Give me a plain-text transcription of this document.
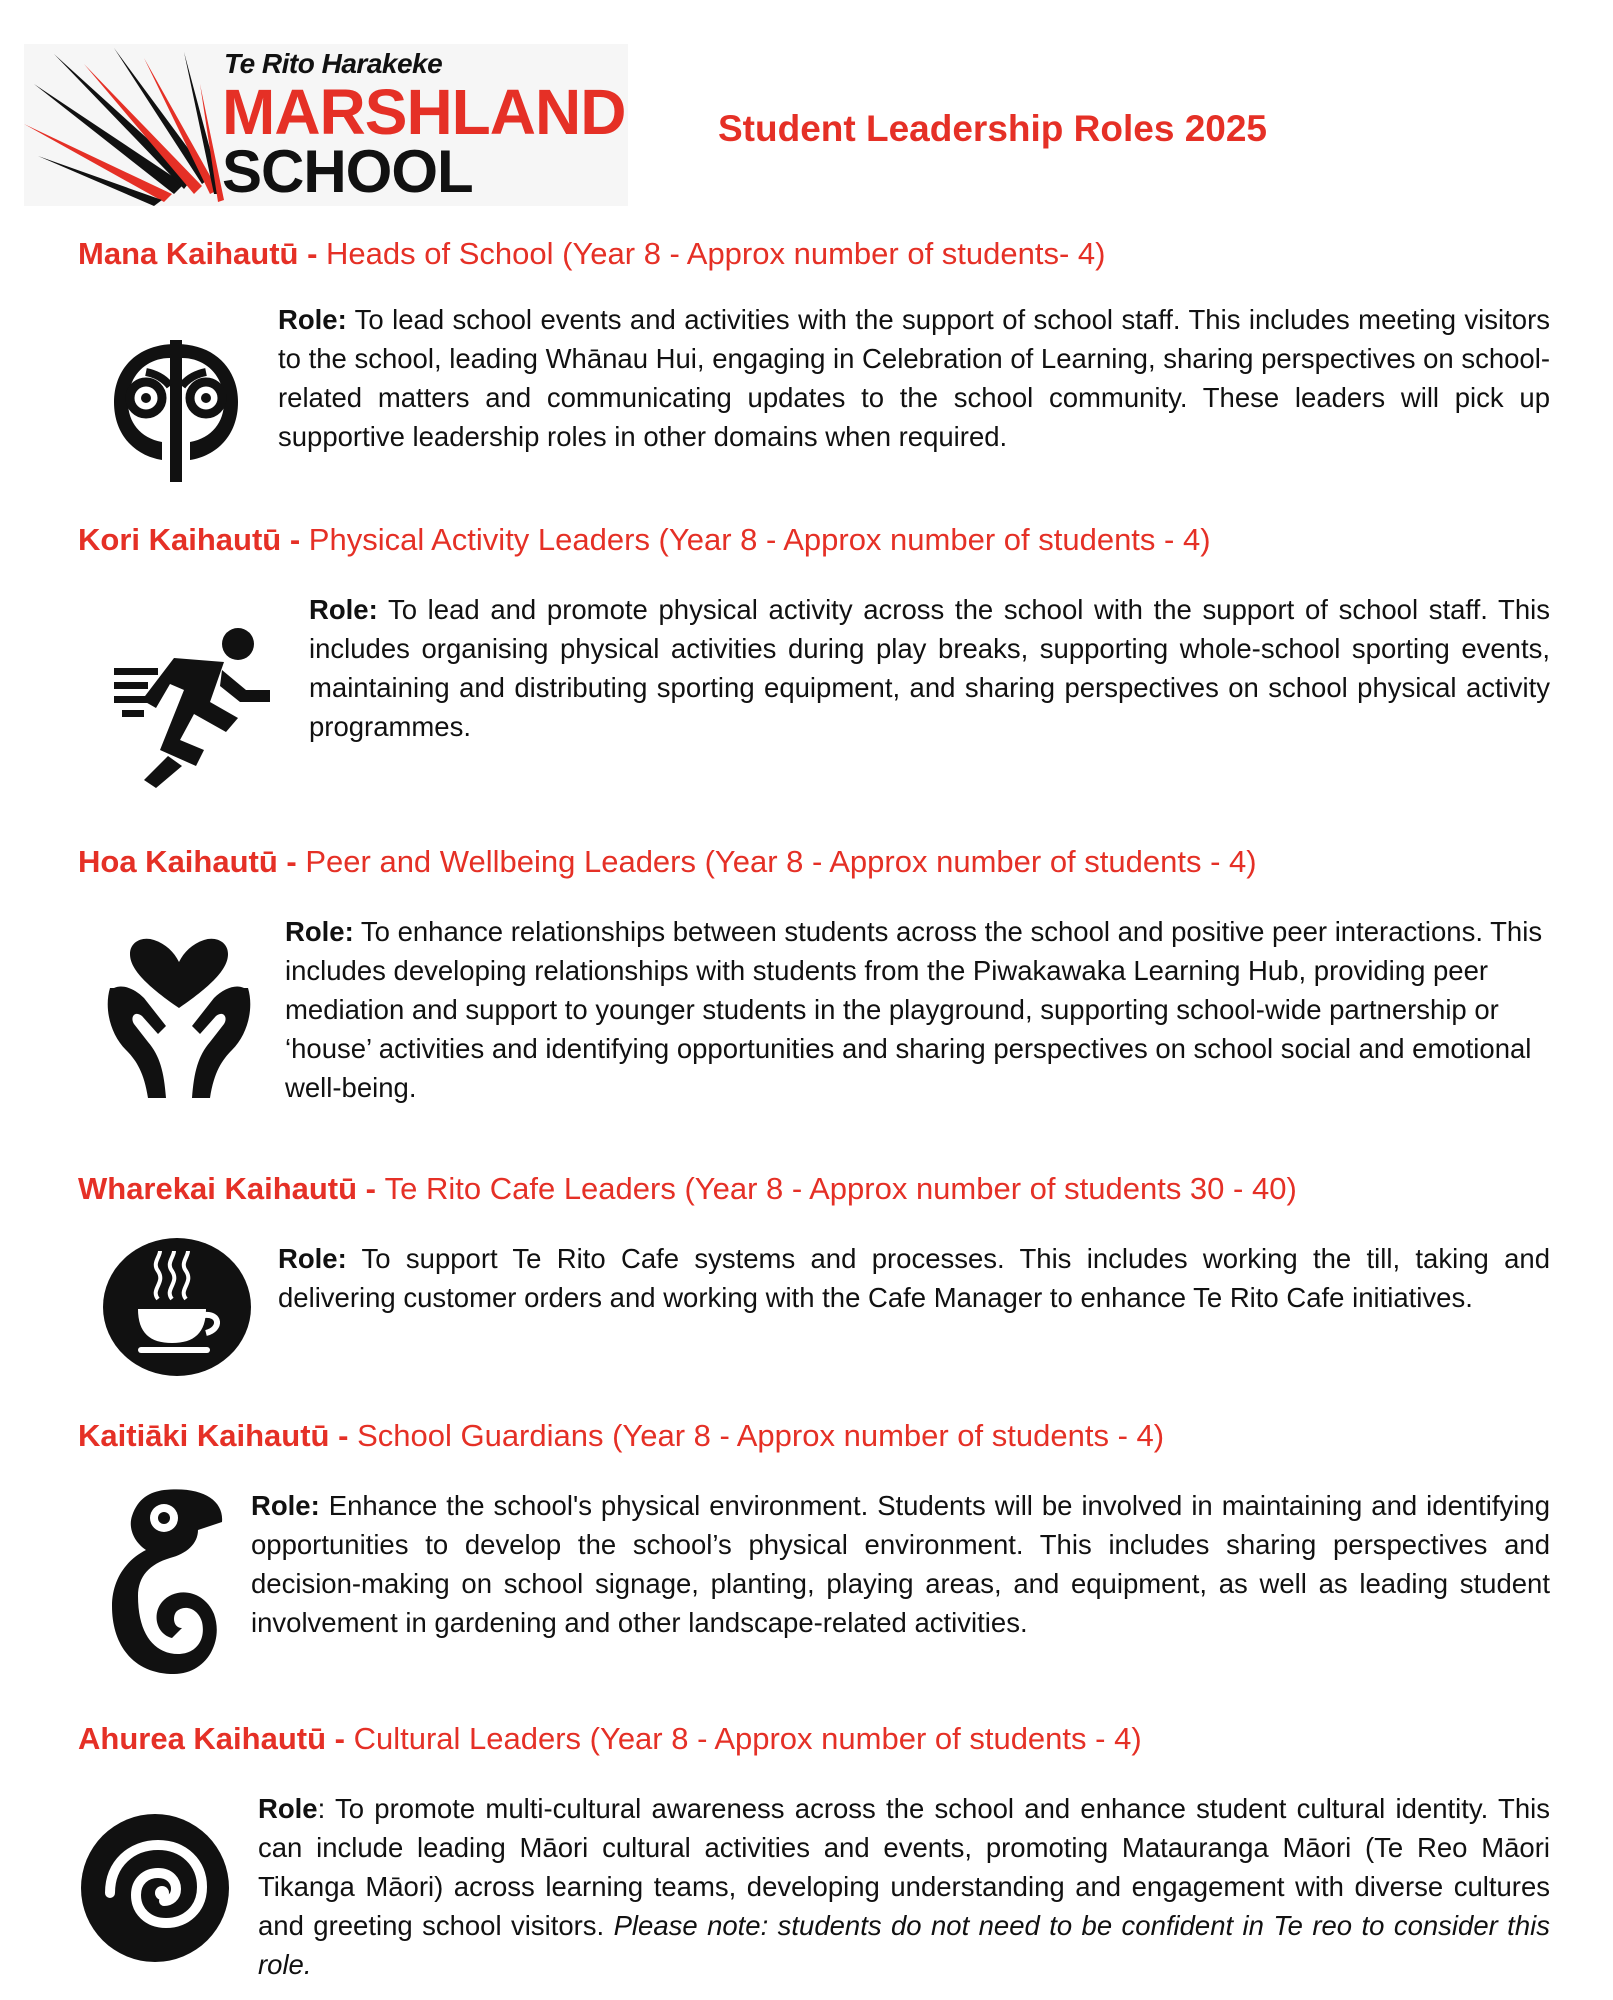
Te Rito Harakeke
MARSHLAND
SCHOOL
Student Leadership Roles 2025
Mana Kaihautū - Heads of School (Year 8 - Approx number of students- 4)
Role: To lead school events and activities with the support of school staff. This includes meeting visitors to the school, leading Whānau Hui, engaging in Celebration of Learning, sharing perspectives on school-related matters and communicating updates to the school community. These leaders will pick up supportive leadership roles in other domains when required.
Kori Kaihautū - Physical Activity Leaders (Year 8 - Approx number of students - 4)
Role: To lead and promote physical activity across the school with the support of school staff. This includes organising physical activities during play breaks, supporting whole-school sporting events, maintaining and distributing sporting equipment, and sharing perspectives on school physical activity programmes.
Hoa Kaihautū - Peer and Wellbeing Leaders (Year 8 - Approx number of students - 4)
Role: To enhance relationships between students across the school and positive peer interactions. This includes developing relationships with students from the Piwakawaka Learning Hub, providing peer mediation and support to younger students in the playground, supporting school-wide partnership or ‘house’ activities and identifying opportunities and sharing perspectives on school social and emotional well-being.
Wharekai Kaihautū - Te Rito Cafe Leaders (Year 8 - Approx number of students 30 - 40)
Role: To support Te Rito Cafe systems and processes. This includes working the till, taking and delivering customer orders and working with the Cafe Manager to enhance Te Rito Cafe initiatives.
Kaitiāki Kaihautū - School Guardians (Year 8 - Approx number of students - 4)
Role: Enhance the school's physical environment. Students will be involved in maintaining and identifying opportunities to develop the school’s physical environment. This includes sharing perspectives and decision-making on school signage, planting, playing areas, and equipment, as well as leading student involvement in gardening and other landscape-related activities.
Ahurea Kaihautū - Cultural Leaders (Year 8 - Approx number of students - 4)
Role: To promote multi-cultural awareness across the school and enhance student cultural identity. This can include leading Māori cultural activities and events, promoting Matauranga Māori (Te Reo Māori Tikanga Māori) across learning teams, developing understanding and engagement with diverse cultures and greeting school visitors. Please note: students do not need to be confident in Te reo to consider this role.
